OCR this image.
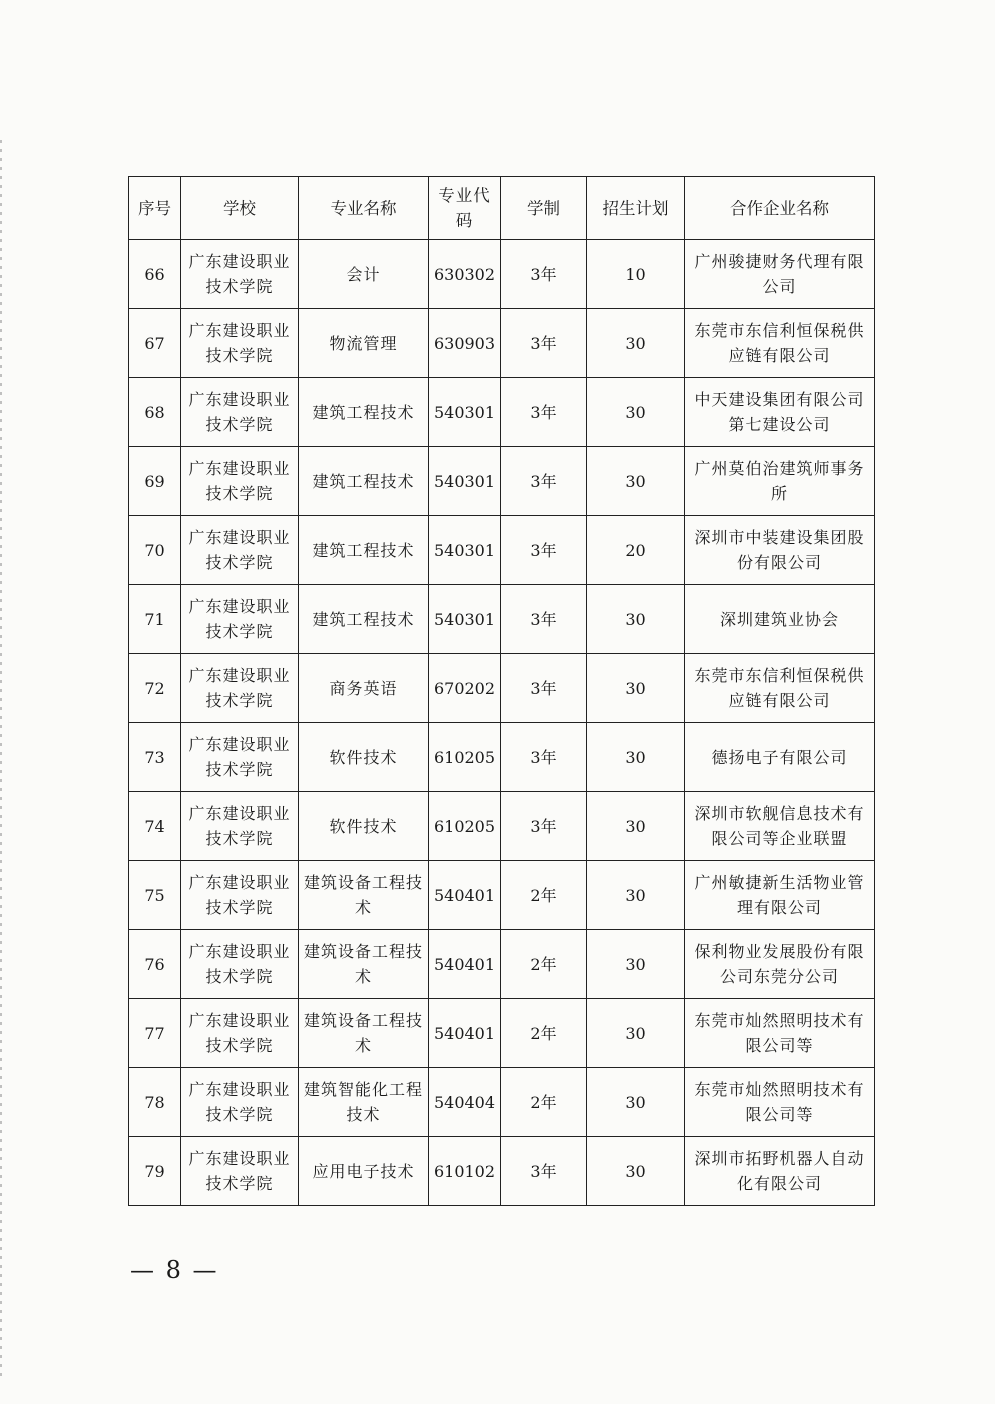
序号	学校	专业名称	专业代码	学制	招生计划	合作企业名称
66	广东建设职业技术学院	会计	630302	3年	10	广州骏捷财务代理有限公司
67	广东建设职业技术学院	物流管理	630903	3年	30	东莞市东信利恒保税供应链有限公司
68	广东建设职业技术学院	建筑工程技术	540301	3年	30	中天建设集团有限公司第七建设公司
69	广东建设职业技术学院	建筑工程技术	540301	3年	30	广州莫伯治建筑师事务所
70	广东建设职业技术学院	建筑工程技术	540301	3年	20	深圳市中装建设集团股份有限公司
71	广东建设职业技术学院	建筑工程技术	540301	3年	30	深圳建筑业协会
72	广东建设职业技术学院	商务英语	670202	3年	30	东莞市东信利恒保税供应链有限公司
73	广东建设职业技术学院	软件技术	610205	3年	30	德扬电子有限公司
74	广东建设职业技术学院	软件技术	610205	3年	30	深圳市软舰信息技术有限公司等企业联盟
75	广东建设职业技术学院	建筑设备工程技术	540401	2年	30	广州敏捷新生活物业管理有限公司
76	广东建设职业技术学院	建筑设备工程技术	540401	2年	30	保利物业发展股份有限公司东莞分公司
77	广东建设职业技术学院	建筑设备工程技术	540401	2年	30	东莞市灿然照明技术有限公司等
78	广东建设职业技术学院	建筑智能化工程技术	540404	2年	30	东莞市灿然照明技术有限公司等
79	广东建设职业技术学院	应用电子技术	610102	3年	30	深圳市拓野机器人自动化有限公司
— 8 —
